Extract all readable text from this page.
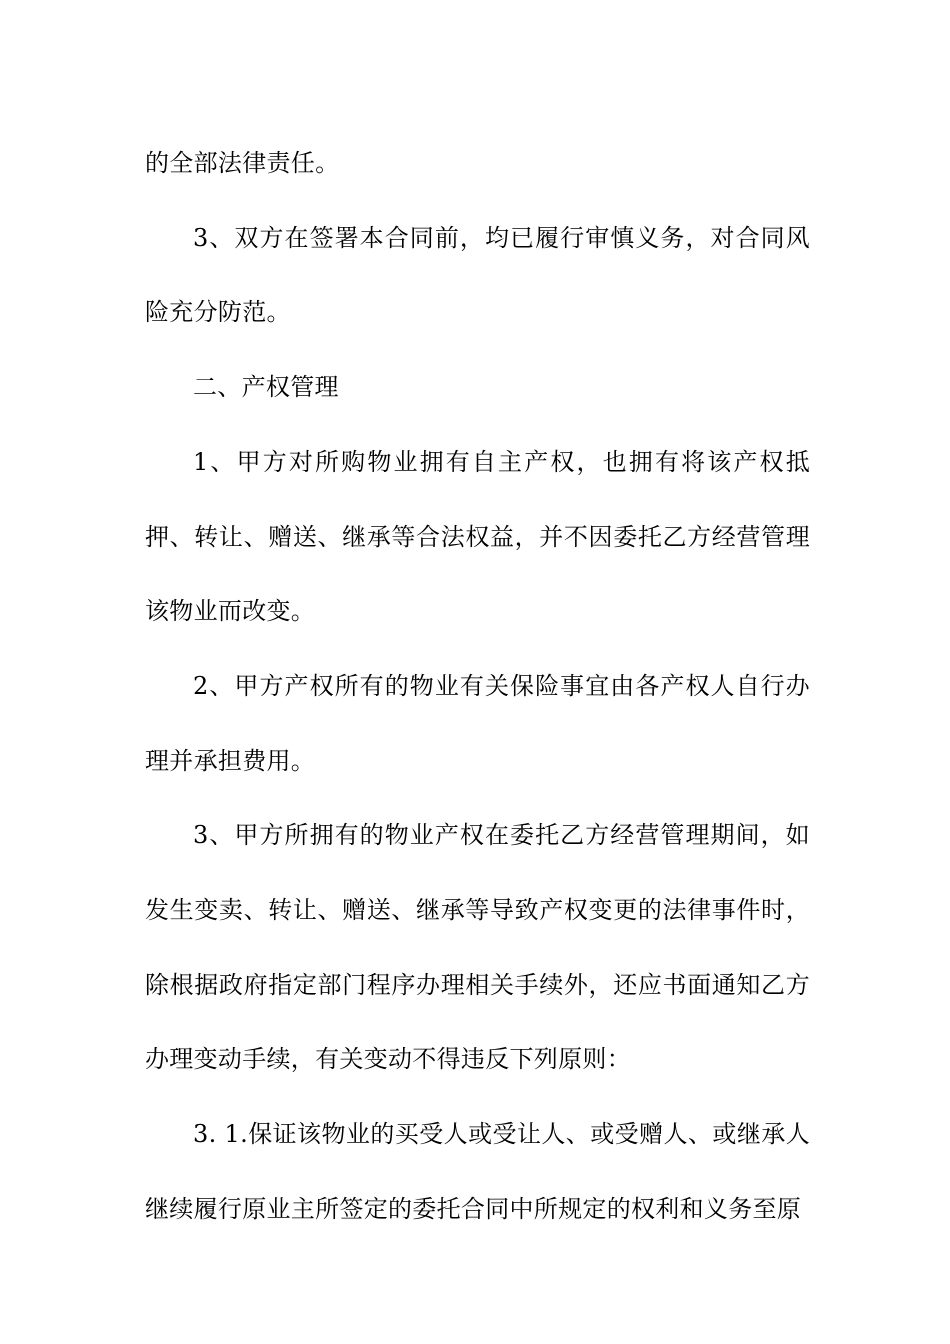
的全部法律责任。

3、双方在签署本合同前，均已履行审慎义务，对合同风险充分防范。

二、产权管理

1、甲方对所购物业拥有自主产权，也拥有将该产权抵押、转让、赠送、继承等合法权益，并不因委托乙方经营管理该物业而改变。

2、甲方产权所有的物业有关保险事宜由各产权人自行办理并承担费用。

3、甲方所拥有的物业产权在委托乙方经营管理期间，如发生变卖、转让、赠送、继承等导致产权变更的法律事件时，除根据政府指定部门程序办理相关手续外，还应书面通知乙方办理变动手续，有关变动不得违反下列原则：

3. 1.保证该物业的买受人或受让人、或受赠人、或继承人继续履行原业主所签定的委托合同中所规定的权利和义务至原
